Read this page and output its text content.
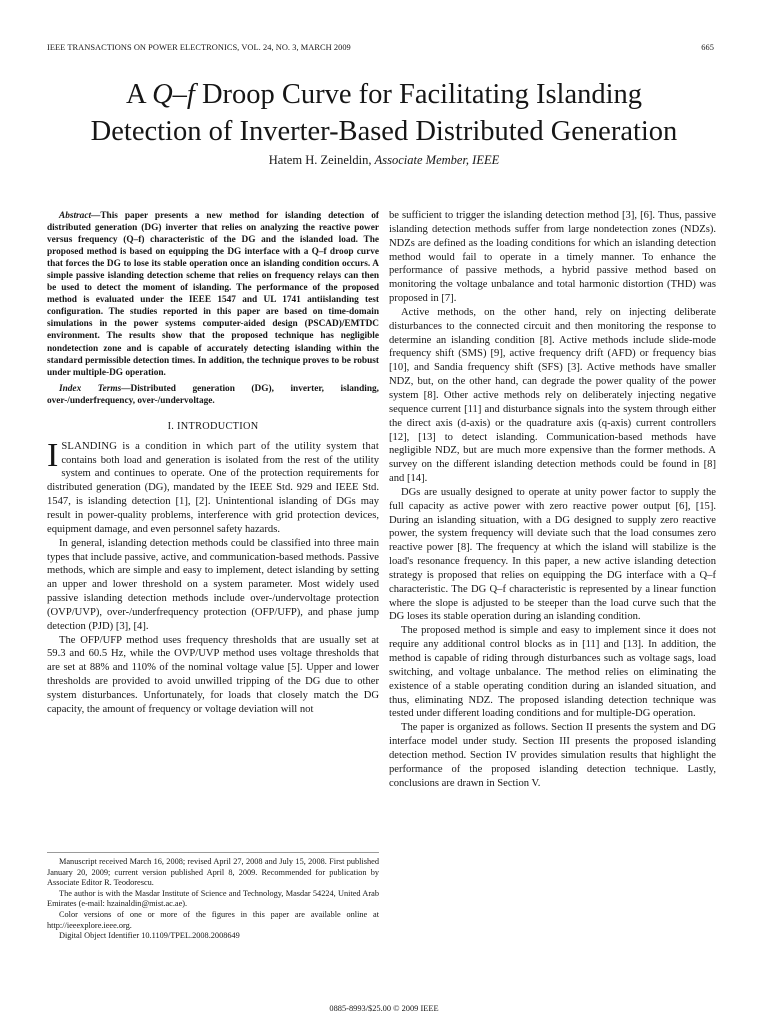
IEEE TRANSACTIONS ON POWER ELECTRONICS, VOL. 24, NO. 3, MARCH 2009	665
A Q–f Droop Curve for Facilitating Islanding
Detection of Inverter-Based Distributed Generation
Hatem H. Zeineldin, Associate Member, IEEE

Abstract—This paper presents a new method for islanding detection of distributed generation (DG) inverter that relies on analyzing the reactive power versus frequency (Q–f) characteristic of the DG and the islanded load. The proposed method is based on equipping the DG interface with a Q–f droop curve that forces the DG to lose its stable operation once an islanding condition occurs. A simple passive islanding detection scheme that relies on frequency relays can then be used to detect the moment of islanding. The performance of the proposed method is evaluated under the IEEE 1547 and UL 1741 antiislanding test configuration. The studies reported in this paper are based on time-domain simulations in the power systems computer-aided design (PSCAD)/EMTDC environment. The results show that the proposed technique has negligible nondetection zone and is capable of accurately detecting islanding within the standard permissible detection times. In addition, the technique proves to be robust under multiple-DG operation.

Index Terms—Distributed generation (DG), inverter, islanding, over-/underfrequency, over-/undervoltage.

I. INTRODUCTION

ISLANDING is a condition in which part of the utility system that contains both load and generation is isolated from the rest of the utility system and continues to operate. One of the protection requirements for distributed generation (DG), mandated by the IEEE Std. 929 and IEEE Std. 1547, is islanding detection [1], [2]. Unintentional islanding of DGs may result in power-quality problems, interference with grid protection devices, equipment damage, and even personnel safety hazards.

In general, islanding detection methods could be classified into three main types that include passive, active, and communication-based methods. Passive methods, which are simple and easy to implement, detect islanding by setting an upper and lower threshold on a system parameter. Most widely used passive islanding detection methods include over-/undervoltage protection (OVP/UVP), over-/underfrequency protection (OFP/UFP), and phase jump detection (PJD) [3], [4].

The OFP/UFP method uses frequency thresholds that are usually set at 59.3 and 60.5 Hz, while the OVP/UVP method uses voltage thresholds that are set at 88% and 110% of the nominal voltage value [5]. Upper and lower thresholds are provided to avoid unwilled tripping of the DG due to other system disturbances. Unfortunately, for loads that closely match the DG capacity, the amount of frequency or voltage deviation will not

Manuscript received March 16, 2008; revised April 27, 2008 and July 15, 2008. First published January 20, 2009; current version published April 8, 2009. Recommended for publication by Associate Editor R. Teodorescu.

The author is with the Masdar Institute of Science and Technology, Masdar 54224, United Arab Emirates (e-mail: hzainaldin@mist.ac.ae).

Color versions of one or more of the figures in this paper are available online at http://ieeexplore.ieee.org.

Digital Object Identifier 10.1109/TPEL.2008.2008649

be sufficient to trigger the islanding detection method [3], [6]. Thus, passive islanding detection methods suffer from large nondetection zones (NDZs). NDZs are defined as the loading conditions for which an islanding detection method would fail to operate in a timely manner. To enhance the performance of passive methods, a hybrid passive method based on monitoring the voltage unbalance and total harmonic distortion (THD) was proposed in [7].

Active methods, on the other hand, rely on injecting deliberate disturbances to the connected circuit and then monitoring the response to determine an islanding condition [8]. Active methods include slide-mode frequency shift (SMS) [9], active frequency drift (AFD) or frequency bias [10], and Sandia frequency shift (SFS) [3]. Active methods have smaller NDZ, but, on the other hand, can degrade the power quality of the power system [8]. Other active methods rely on deliberately injecting negative sequence current [11] and disturbance signals into the system through either the direct axis (d-axis) or the quadrature axis (q-axis) current controllers [12], [13] to detect islanding. Communication-based methods have negligible NDZ, but are much more expensive than the former methods. A survey on the different islanding detection methods could be found in [8] and [14].

DGs are usually designed to operate at unity power factor to supply the full capacity as active power with zero reactive power output [6], [15]. During an islanding situation, with a DG designed to supply zero reactive power, the system frequency will deviate such that the load consumes zero reactive power [8]. The frequency at which the island will stabilize is the load's resonance frequency. In this paper, a new active islanding detection strategy is proposed that relies on equipping the DG interface with a Q–f characteristic. The DG Q–f characteristic is represented by a linear function where the slope is adjusted to be steeper than the load curve such that the DG loses its stable operation during an islanding condition.

The proposed method is simple and easy to implement since it does not require any additional control blocks as in [11] and [13]. In addition, the method is capable of riding through disturbances such as voltage sags, load switching, and voltage unbalance. The method relies on eliminating the existence of a stable operating condition during an islanded situation, and thus, eliminating NDZ. The proposed islanding detection technique was tested under different loading conditions and for multiple-DG operation.

The paper is organized as follows. Section II presents the system and DG interface model under study. Section III presents the proposed islanding detection method. Section IV provides simulation results that highlight the performance of the proposed islanding detection technique. Lastly, conclusions are drawn in Section V.

0885-8993/$25.00 © 2009 IEEE
